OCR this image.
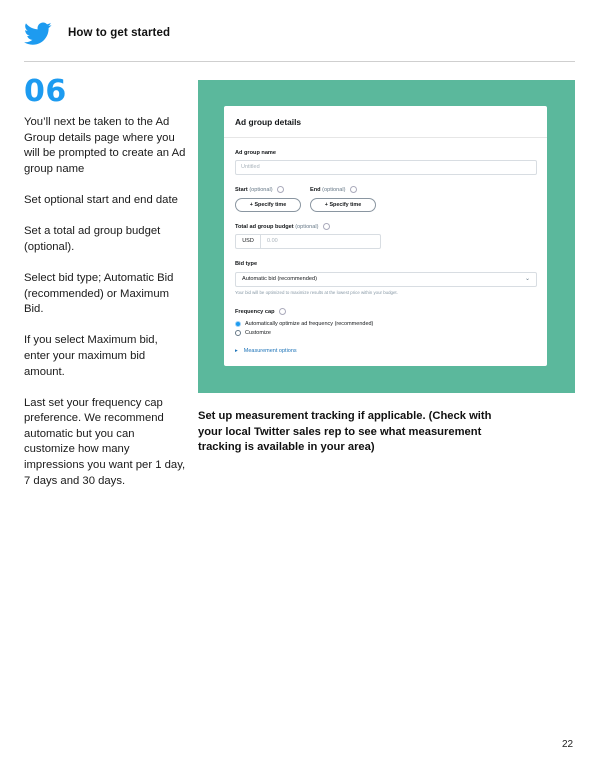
How to get started
06

You’ll next be taken to the Ad Group details page where you will be prompted to create an Ad group name

Set optional start and end date

Set a total ad group budget (optional).

Select bid type; Automatic Bid (recommended) or Maximum Bid.

If you select Maximum bid, enter your maximum bid amount.

Last set your frequency cap preference. We recommend automatic but you can customize how many impressions you want per 1 day, 7 days and 30 days.

Ad group details
Ad group name
Untitled
Start (optional)	End (optional)
+ Specify time	+ Specify time
Total ad group budget (optional)
USD	0.00
Bid type
Automatic bid (recommended)	⌄
Your bid will be optimized to maximize results at the lowest price within your budget.
Frequency cap
Automatically optimize ad frequency (recommended)
Customize
▸ Measurement options
Set up measurement tracking if applicable. (Check with your local Twitter sales rep to see what measurement tracking is available in your area)
22
